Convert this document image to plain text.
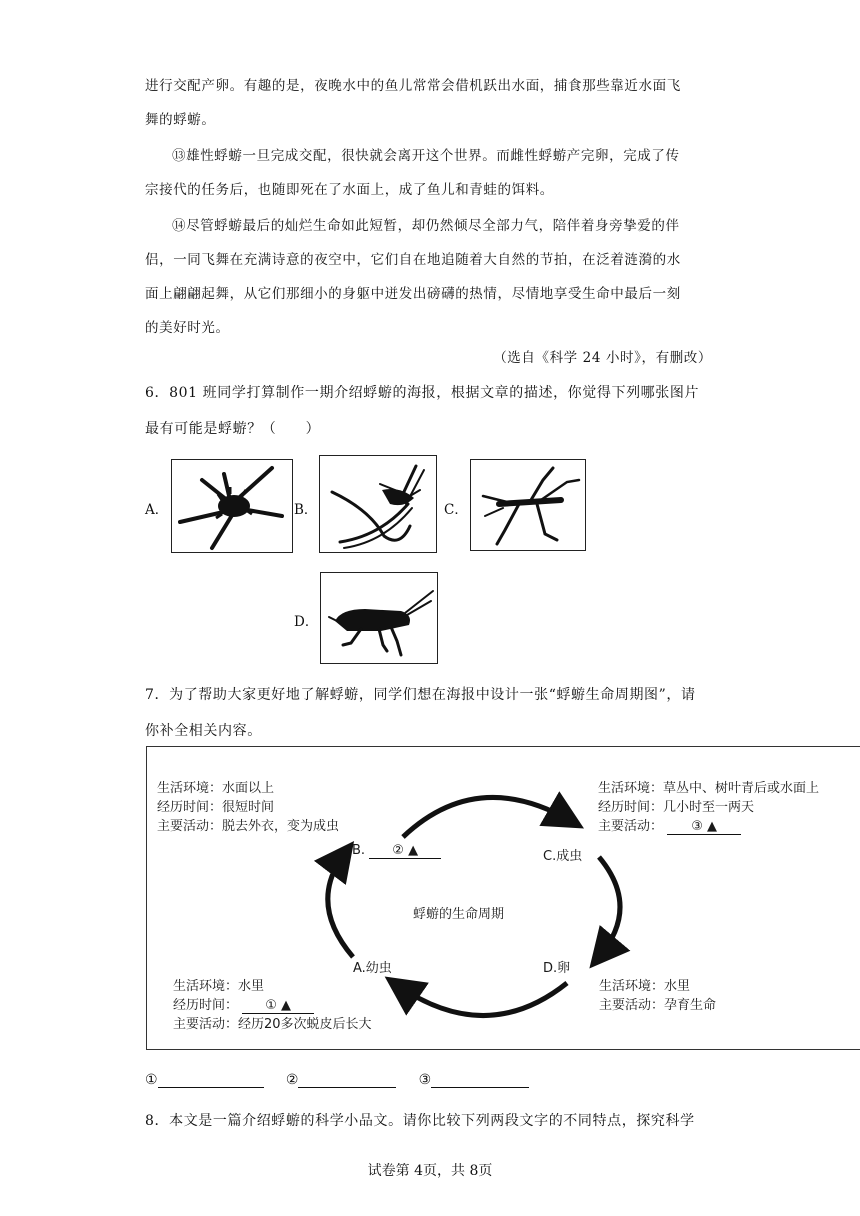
进行交配产卵。有趣的是，夜晚水中的鱼儿常常会借机跃出水面，捕食那些靠近水面飞
舞的蜉蝣。
⑬雄性蜉蝣一旦完成交配，很快就会离开这个世界。而雌性蜉蝣产完卵，完成了传
宗接代的任务后，也随即死在了水面上，成了鱼儿和青蛙的饵料。
⑭尽管蜉蝣最后的灿烂生命如此短暂，却仍然倾尽全部力气，陪伴着身旁挚爱的伴
侣，一同飞舞在充满诗意的夜空中，它们自在地追随着大自然的节拍，在泛着涟漪的水
面上翩翩起舞，从它们那细小的身躯中迸发出磅礴的热情，尽情地享受生命中最后一刻
的美好时光。
（选自《科学 24 小时》，有删改）
6．801 班同学打算制作一期介绍蜉蝣的海报，根据文章的描述，你觉得下列哪张图片
最有可能是蜉蝣？（　　）
A．	B．	C．
D．
7．为了帮助大家更好地了解蜉蝣，同学们想在海报中设计一张“蜉蝣生命周期图”，请
你补全相关内容。
生活环境：水面以上
经历时间：很短时间
主要活动：脱去外衣，变为成虫
生活环境：草丛中、树叶青后或水面上
经历时间：几小时至一两天
主要活动： ③ ▲
B. ② ▲	C.成虫
蜉蝣的生命周期
A.幼虫	D.卵
生活环境：水里
经历时间： ① ▲
主要活动：经历20多次蜕皮后长大
生活环境：水里
主要活动：孕育生命
①	②	③
8．本文是一篇介绍蜉蝣的科学小品文。请你比较下列两段文字的不同特点，探究科学
试卷第 4页，共 8页
